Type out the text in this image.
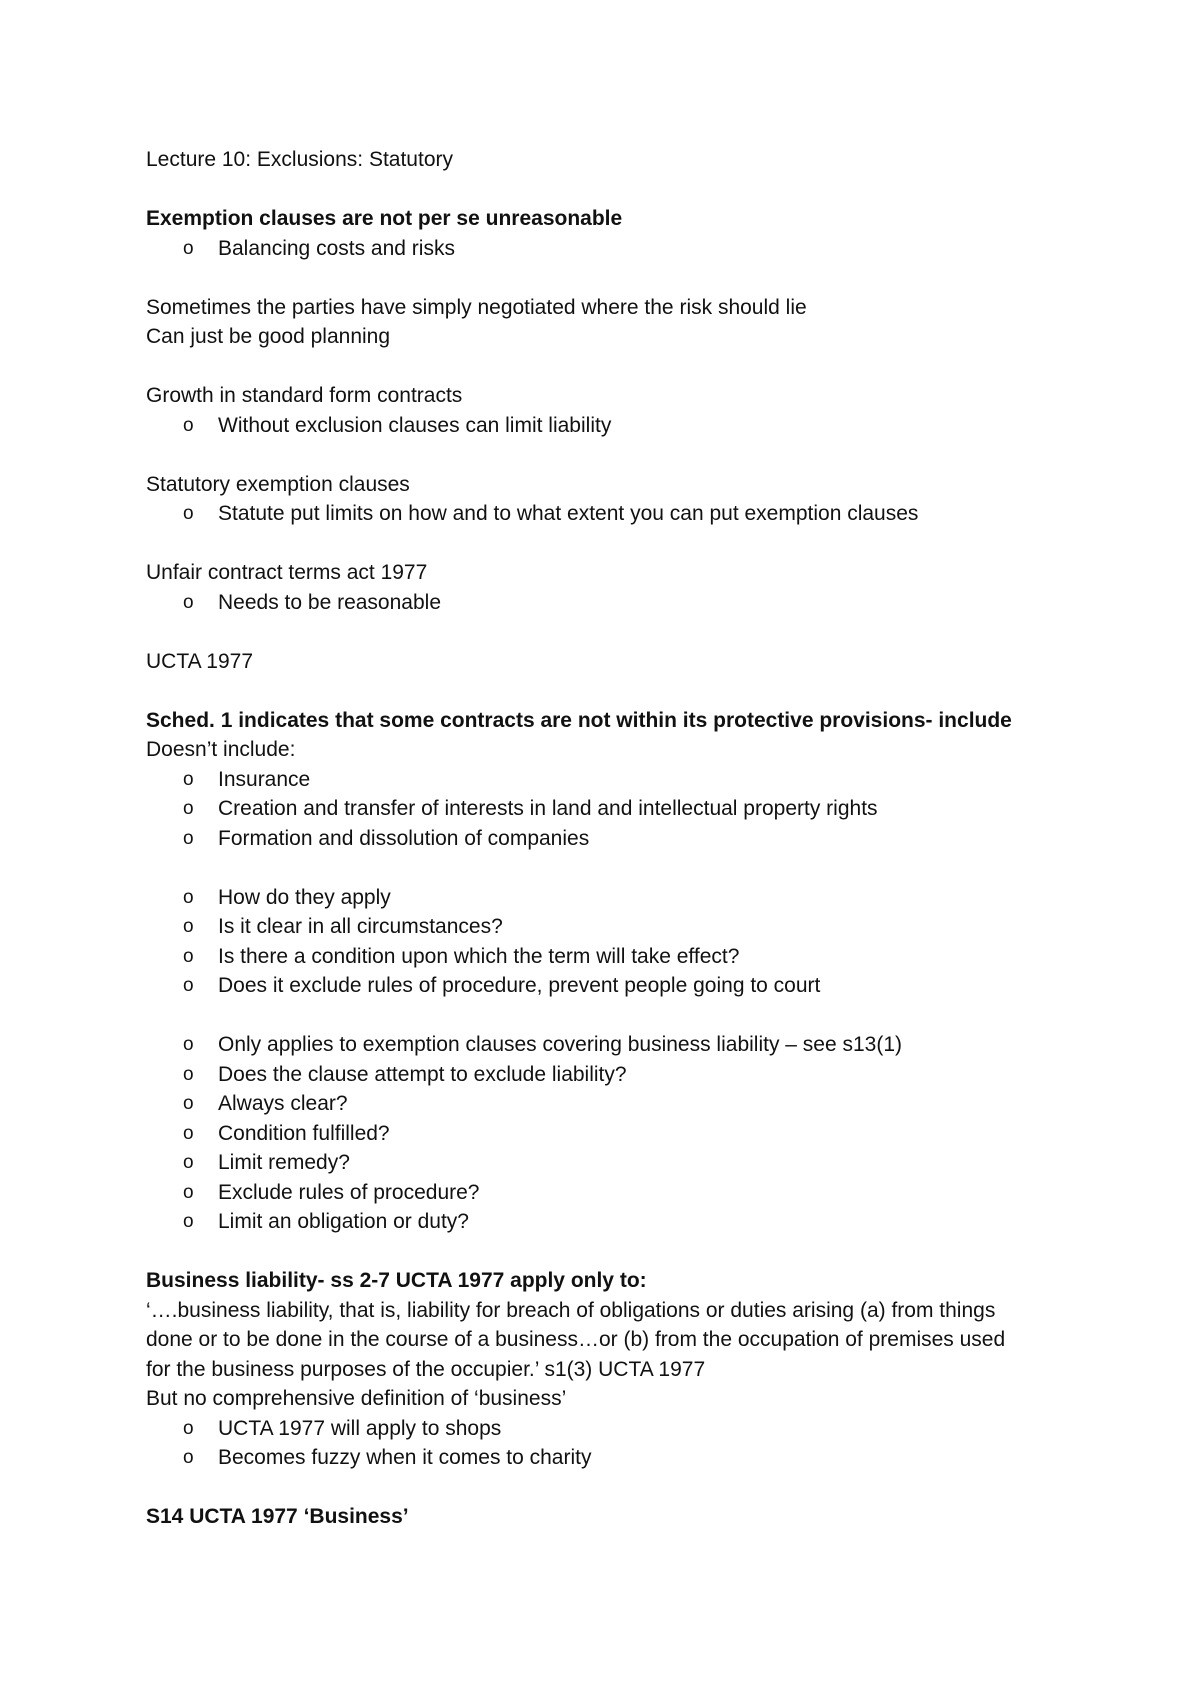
Lecture 10: Exclusions: Statutory
Exemption clauses are not per se unreasonable
o	Balancing costs and risks
Sometimes the parties have simply negotiated where the risk should lie
Can just be good planning
Growth in standard form contracts
o	Without exclusion clauses can limit liability
Statutory exemption clauses
o	Statute put limits on how and to what extent you can put exemption clauses
Unfair contract terms act 1977
o	Needs to be reasonable
UCTA 1977
Sched. 1 indicates that some contracts are not within its protective provisions- include
Doesn’t include:
o	Insurance
o	Creation and transfer of interests in land and intellectual property rights
o	Formation and dissolution of companies
o	How do they apply
o	Is it clear in all circumstances?
o	Is there a condition upon which the term will take effect?
o	Does it exclude rules of procedure, prevent people going to court
o	Only applies to exemption clauses covering business liability – see s13(1)
o	Does the clause attempt to exclude liability?
o	Always clear?
o	Condition fulfilled?
o	Limit remedy?
o	Exclude rules of procedure?
o	Limit an obligation or duty?
Business liability- ss 2-7 UCTA 1977 apply only to:
‘….business liability, that is, liability for breach of obligations or duties arising (a) from things
done or to be done in the course of a business…or (b) from the occupation of premises used
for the business purposes of the occupier.’ s1(3) UCTA 1977
But no comprehensive definition of ‘business’
o	UCTA 1977 will apply to shops
o	Becomes fuzzy when it comes to charity
S14 UCTA 1977 ‘Business’
